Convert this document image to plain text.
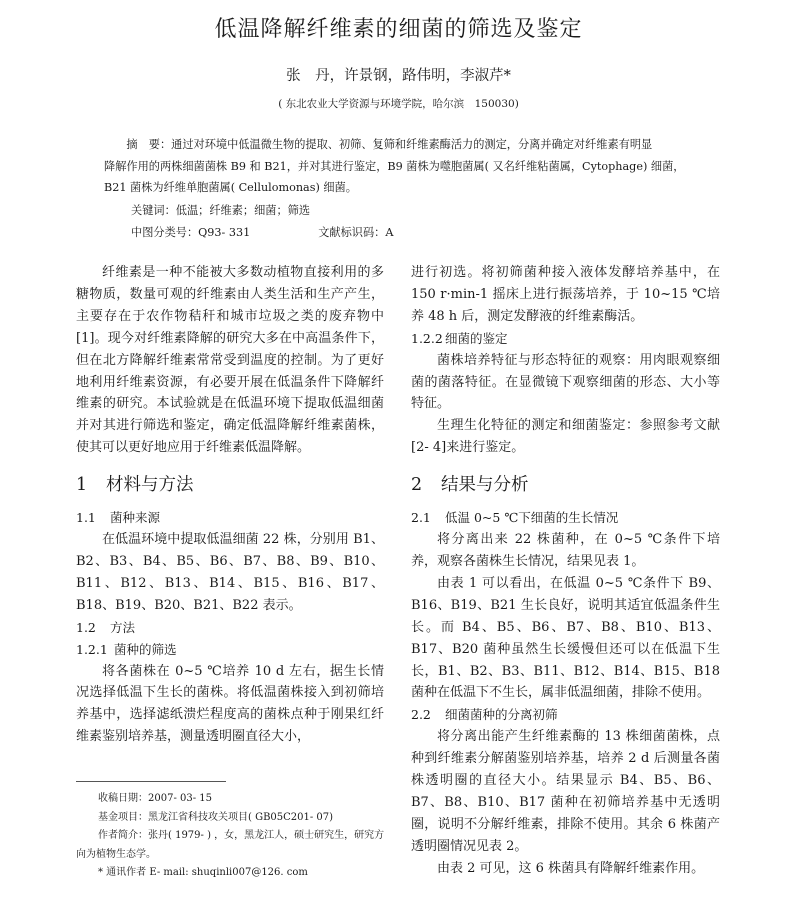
低温降解纤维素的细菌的筛选及鉴定
张　丹，许景钢，路伟明，李淑芹*
( 东北农业大学资源与环境学院，哈尔滨　150030)

摘　要：通过对环境中低温微生物的提取、初筛、复筛和纤维素酶活力的测定，分离并确定对纤维素有明显

降解作用的两株细菌菌株 B9 和 B21，并对其进行鉴定，B9 菌株为噬胞菌属( 又名纤维粘菌属，Cytophage) 细菌，

B21 菌株为纤维单胞菌属( Cellulomonas) 细菌。

关键词：低温；纤维素；细菌；筛选

中图分类号：Q93- 331	文献标识码：A

纤维素是一种不能被大多数动植物直接利用的多糖物质，数量可观的纤维素由人类生活和生产产生，主要存在于农作物秸秆和城市垃圾之类的废弃物中[1]。现今对纤维素降解的研究大多在中高温条件下，但在北方降解纤维素常常受到温度的控制。为了更好地利用纤维素资源，有必要开展在低温条件下降解纤维素的研究。本试验就是在低温环境下提取低温细菌并对其进行筛选和鉴定，确定低温降解纤维素菌株，使其可以更好地应用于纤维素低温降解。

1 材料与方法
1.1 菌种来源

在低温环境中提取低温细菌 22 株，分别用 B1、B2、B3、B4、B5、B6、B7、B8、B9、B10、B11、B12、B13、B14、B15、B16、B17、B18、B19、B20、B21、B22 表示。

1.2 方法
1.2.1 菌种的筛选

将各菌株在 0~5 ℃培养 10 d 左右，据生长情况选择低温下生长的菌株。将低温菌株接入到初筛培养基中，选择滤纸溃烂程度高的菌株点种于刚果红纤维素鉴别培养基，测量透明圈直径大小，

收稿日期：2007- 03- 15

基金项目：黑龙江省科技攻关项目( GB05C201- 07)

作者简介：张丹( 1979- ) ，女，黑龙江人，硕士研究生，研究方向为植物生态学。

* 通讯作者 E- mail: shuqinli007@126. com

进行初选。将初筛菌种接入液体发酵培养基中，在 150 r·min-1 摇床上进行振荡培养，于 10~15 ℃培养 48 h 后，测定发酵液的纤维素酶活。

1.2.2 细菌的鉴定

菌株培养特征与形态特征的观察：用肉眼观察细菌的菌落特征。在显微镜下观察细菌的形态、大小等特征。

生理生化特征的测定和细菌鉴定：参照参考文献[2- 4]来进行鉴定。

2 结果与分析
2.1 低温 0~5 ℃下细菌的生长情况

将分离出来 22 株菌种，在 0~5 ℃条件下培养，观察各菌株生长情况，结果见表 1。

由表 1 可以看出，在低温 0~5 ℃条件下 B9、B16、B19、B21 生长良好，说明其适宜低温条件生长。而 B4、B5、B6、B7、B8、B10、B13、B17、B20 菌种虽然生长缓慢但还可以在低温下生长，B1、B2、B3、B11、B12、B14、B15、B18 菌种在低温下不生长，属非低温细菌，排除不使用。

2.2 细菌菌种的分离初筛

将分离出能产生纤维素酶的 13 株细菌菌株，点种到纤维素分解菌鉴别培养基，培养 2 d 后测量各菌株透明圈的直径大小。结果显示 B4、B5、B6、B7、B8、B10、B17 菌种在初筛培养基中无透明圈，说明不分解纤维素，排除不使用。其余 6 株菌产透明圈情况见表 2。

由表 2 可见，这 6 株菌具有降解纤维素作用。
